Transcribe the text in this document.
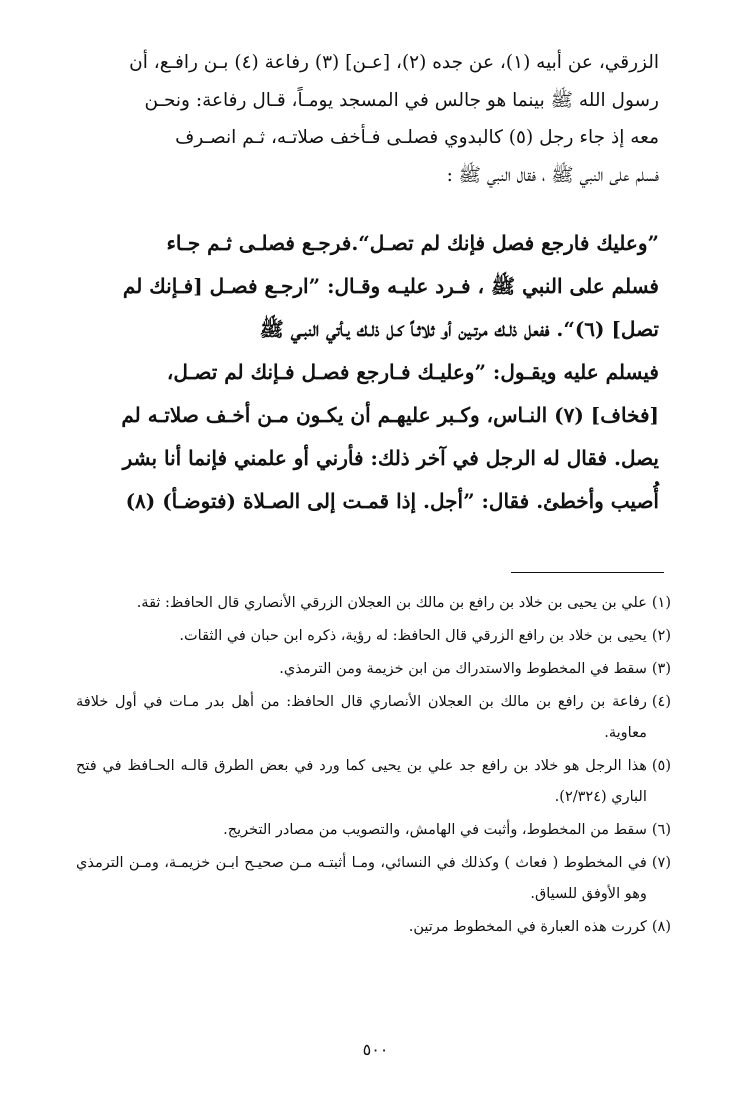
الزرقي، عن أبيه (١)، عن جده (٢)، [عـن] (٣) رفاعة (٤) بـن رافـع، أن

رسول الله ﷺ بينما هو جالس في المسجد يومـاً، قـال رفاعة: ونحـن

معه إذ جاء رجل (٥) كالبدوي فصلـى فـأخف صلاتـه، ثـم انصـرف

فسلم على النبي ﷺ ، فقال النبي ﷺ :

”وعليك فارجع فصل فإنك لم تصـل“.فرجـع فصلـى ثـم جـاء

فسلم على النبي ﷺ ، فـرد عليـه وقـال: ”ارجـع فصـل [فـإنك لم

تصل] (٦)“. ففعل ذلـك مرتـين أو ثلاثـاً كـل ذلـك يـأتي النبـي ﷺ

فيسلم عليه ويقـول: ”وعليـك فـارجع فصـل فـإنك لم تصـل،

[فخاف] (٧) النـاس، وكـبر عليهـم أن يكـون مـن أخـف صلاتـه لم

يصل. فقال له الرجل في آخر ذلك: فأرني أو علمني فإنما أنا بشر

أُصيب وأخطئ. فقال: ”أجل. إذا قمـت إلى الصـلاة (فتوضـأ) (٨)

(١)
علي بن يحيى بن خلاد بن رافع بن مالك بن العجلان الزرقي الأنصاري قال الحافظ: ثقة.
(٢)
يحيى بن خلاد بن رافع الزرقي قال الحافظ: له رؤية، ذكره ابن حبان في الثقات.
(٣)
سقط في المخطوط والاستدراك من ابن خزيمة ومن الترمذي.
(٤)
رفاعة بن رافع بن مالك بن العجلان الأنصاري قال الحافظ: من أهل بدر مـات في أول خلافة معاوية.
(٥)
هذا الرجل هو خلاد بن رافع جد علي بن يحيى كما ورد في بعض الطرق قالـه الحـافظ في فتح الباري (٢/٣٢٤).
(٦)
سقط من المخطوط، وأثبت في الهامش، والتصويب من مصادر التخريج.
(٧)
في المخطوط ( فعاث ) وكذلك في النسائي، ومـا أثبتـه مـن صحيـح ابـن خزيمـة، ومـن الترمذي وهو الأوفق للسياق.
(٨)
كررت هذه العبارة في المخطوط مرتين.
٥٠٠
